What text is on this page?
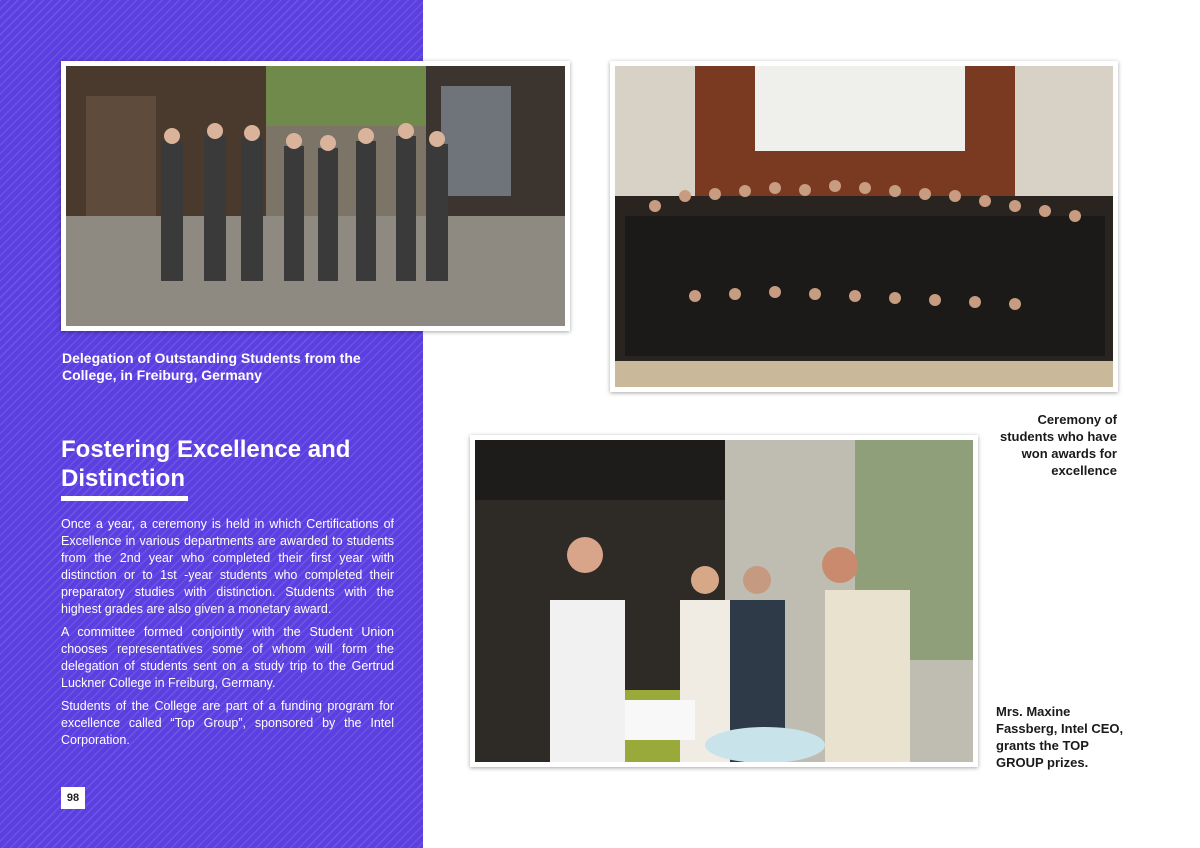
Delegation of Outstanding Students from the College, in Freiburg, Germany
Ceremony of students who have won awards for excellence
Mrs. Maxine Fassberg, Intel CEO, grants the TOP GROUP prizes.
Fostering Excellence and Distinction

Once a year, a ceremony is held in which Certifications of Excellence in various departments are awarded to students from the 2nd year who completed their first year with distinction or to 1st -year students who completed their preparatory studies with distinction. Students with the highest grades are also given a monetary award.

A committee formed conjointly with the Student Union chooses representatives some of whom will form the delegation of students sent on a study trip to the Gertrud Luckner College in Freiburg, Germany.

Students of the College are part of a funding program for excellence called “Top Group”, sponsored by the Intel Corporation.

98
